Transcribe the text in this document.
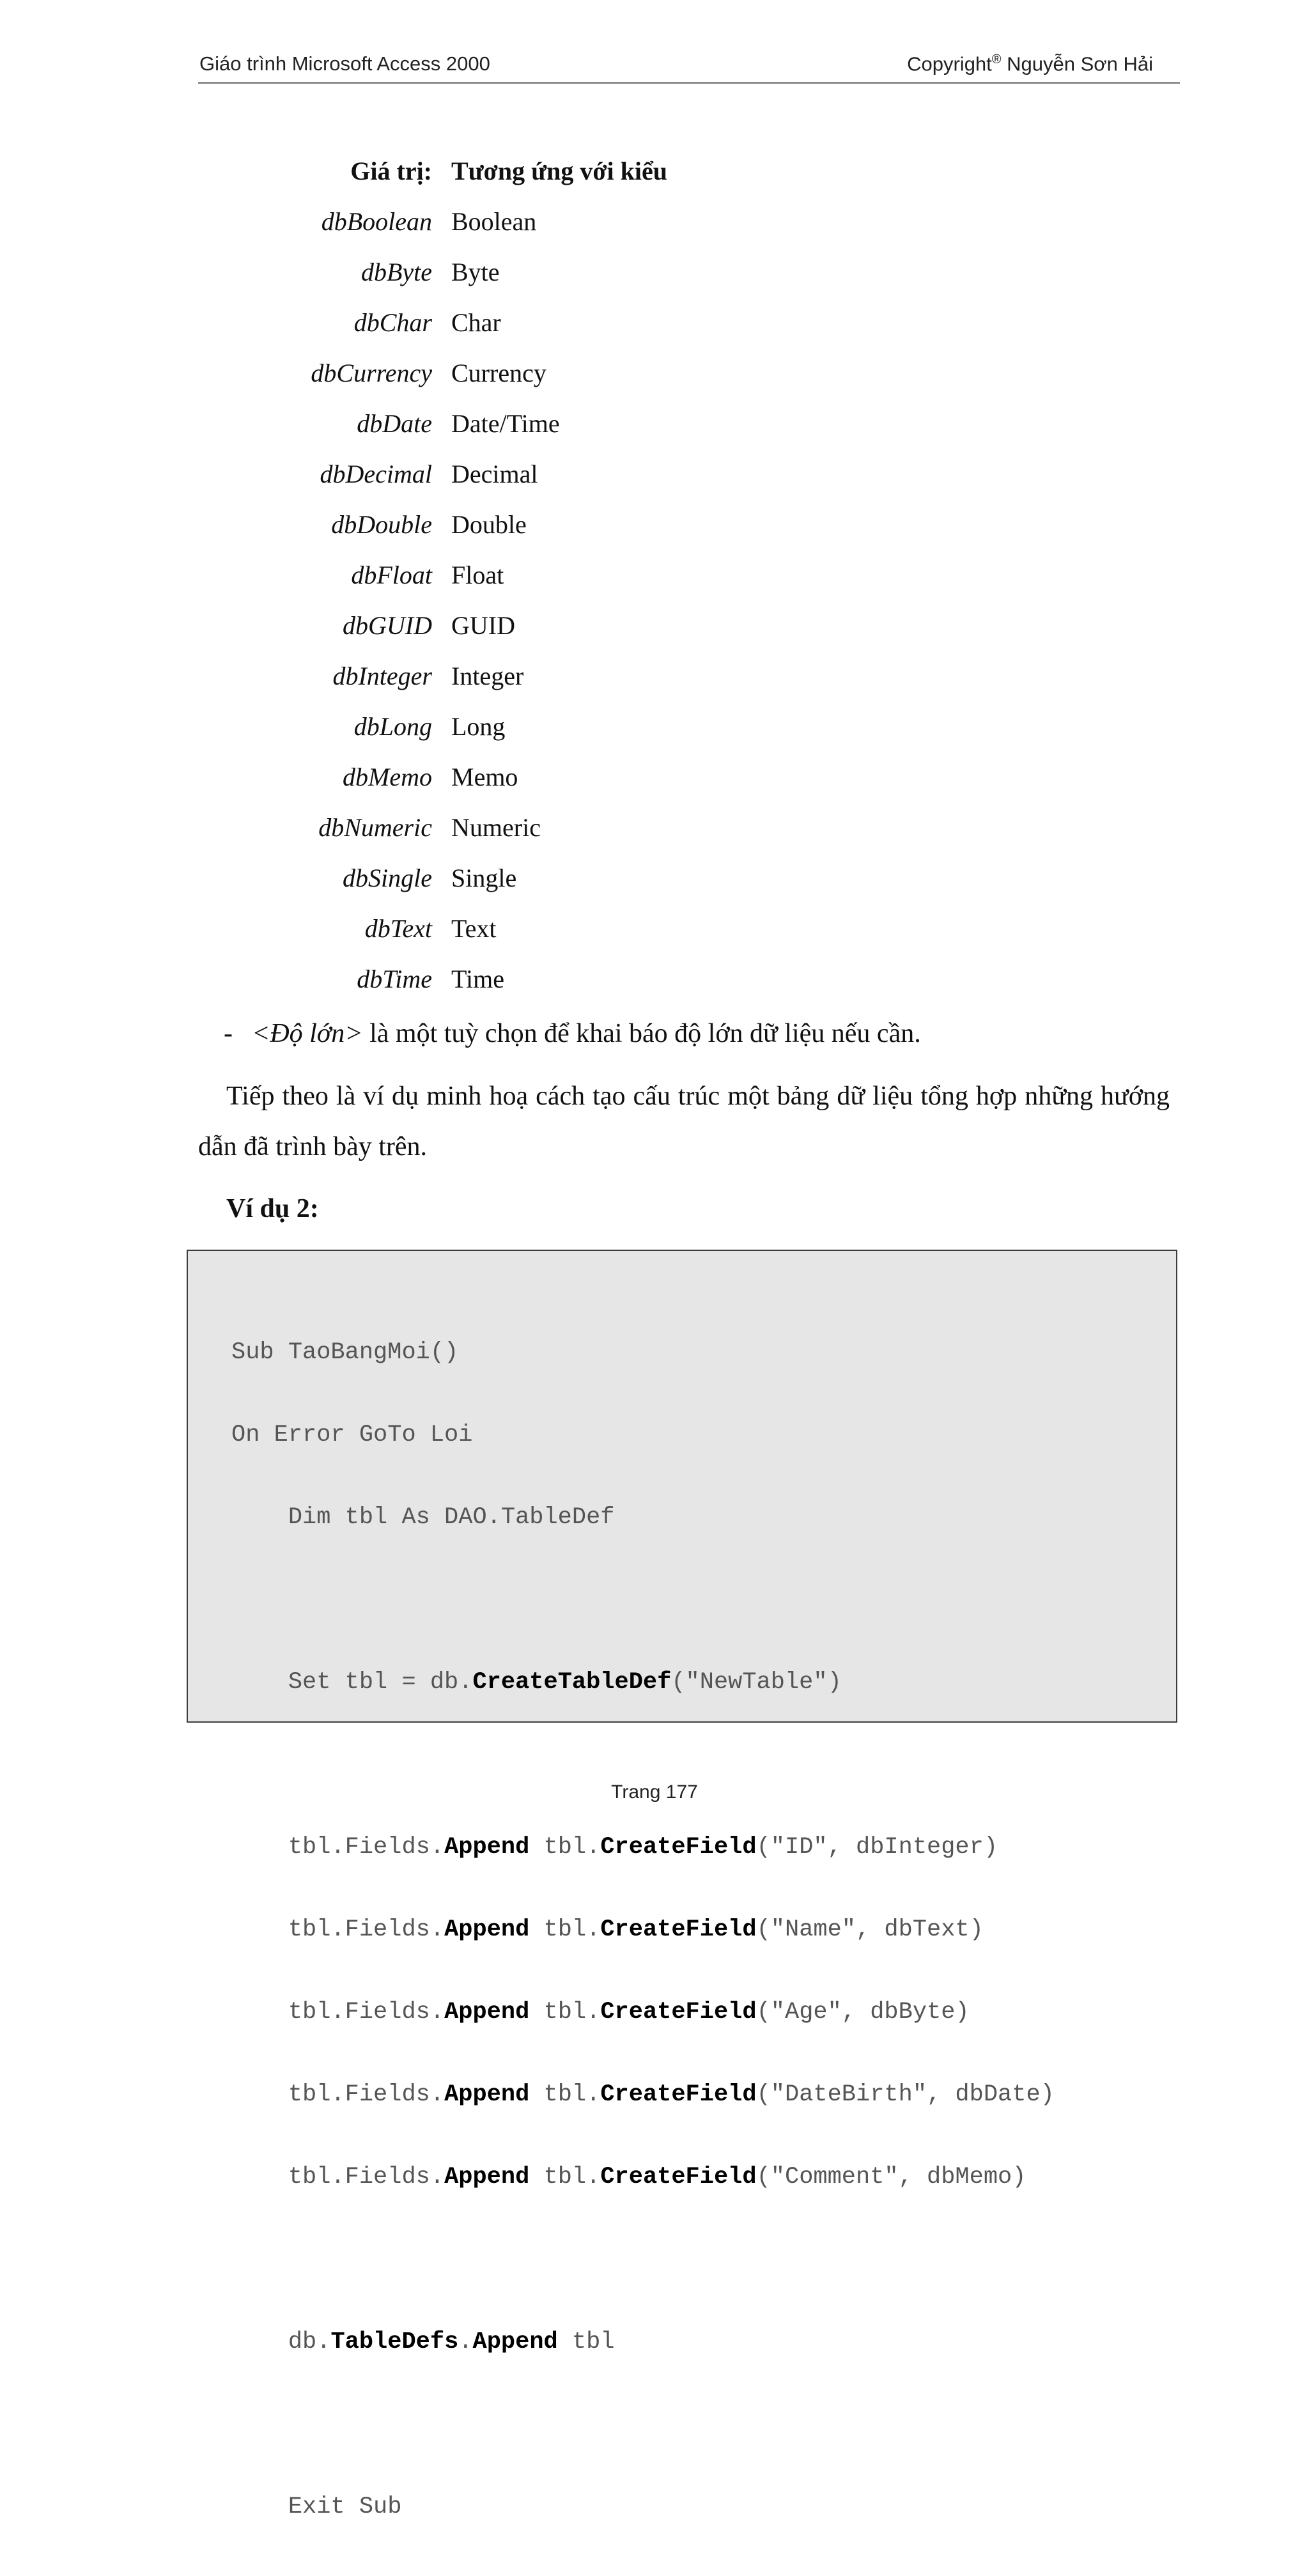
Giáo trình Microsoft Access 2000	Copyright® Nguyễn Sơn Hải
Giá trị: Tương ứng với kiểu
dbBoolean Boolean
dbByte Byte
dbChar Char
dbCurrency Currency
dbDate Date/Time
dbDecimal Decimal
dbDouble Double
dbFloat Float
dbGUID GUID
dbInteger Integer
dbLong Long
dbMemo Memo
dbNumeric Numeric
dbSingle Single
dbText Text
dbTime Time
- <Độ lớn> là một tuỳ chọn để khai báo độ lớn dữ liệu nếu cần.
Tiếp theo là ví dụ minh hoạ cách tạo cấu trúc một bảng dữ liệu tổng hợp những hướng dẫn đã trình bày trên.
Ví dụ 2:

Sub TaoBangMoi()

On Error GoTo Loi

Dim tbl As DAO.TableDef

Set tbl = db.CreateTableDef("NewTable")

tbl.Fields.Append tbl.CreateField("ID", dbInteger)

tbl.Fields.Append tbl.CreateField("Name", dbText)

tbl.Fields.Append tbl.CreateField("Age", dbByte)

tbl.Fields.Append tbl.CreateField("DateBirth", dbDate)

tbl.Fields.Append tbl.CreateField("Comment", dbMemo)

db.TableDefs.Append tbl

Exit Sub

Trang 177
